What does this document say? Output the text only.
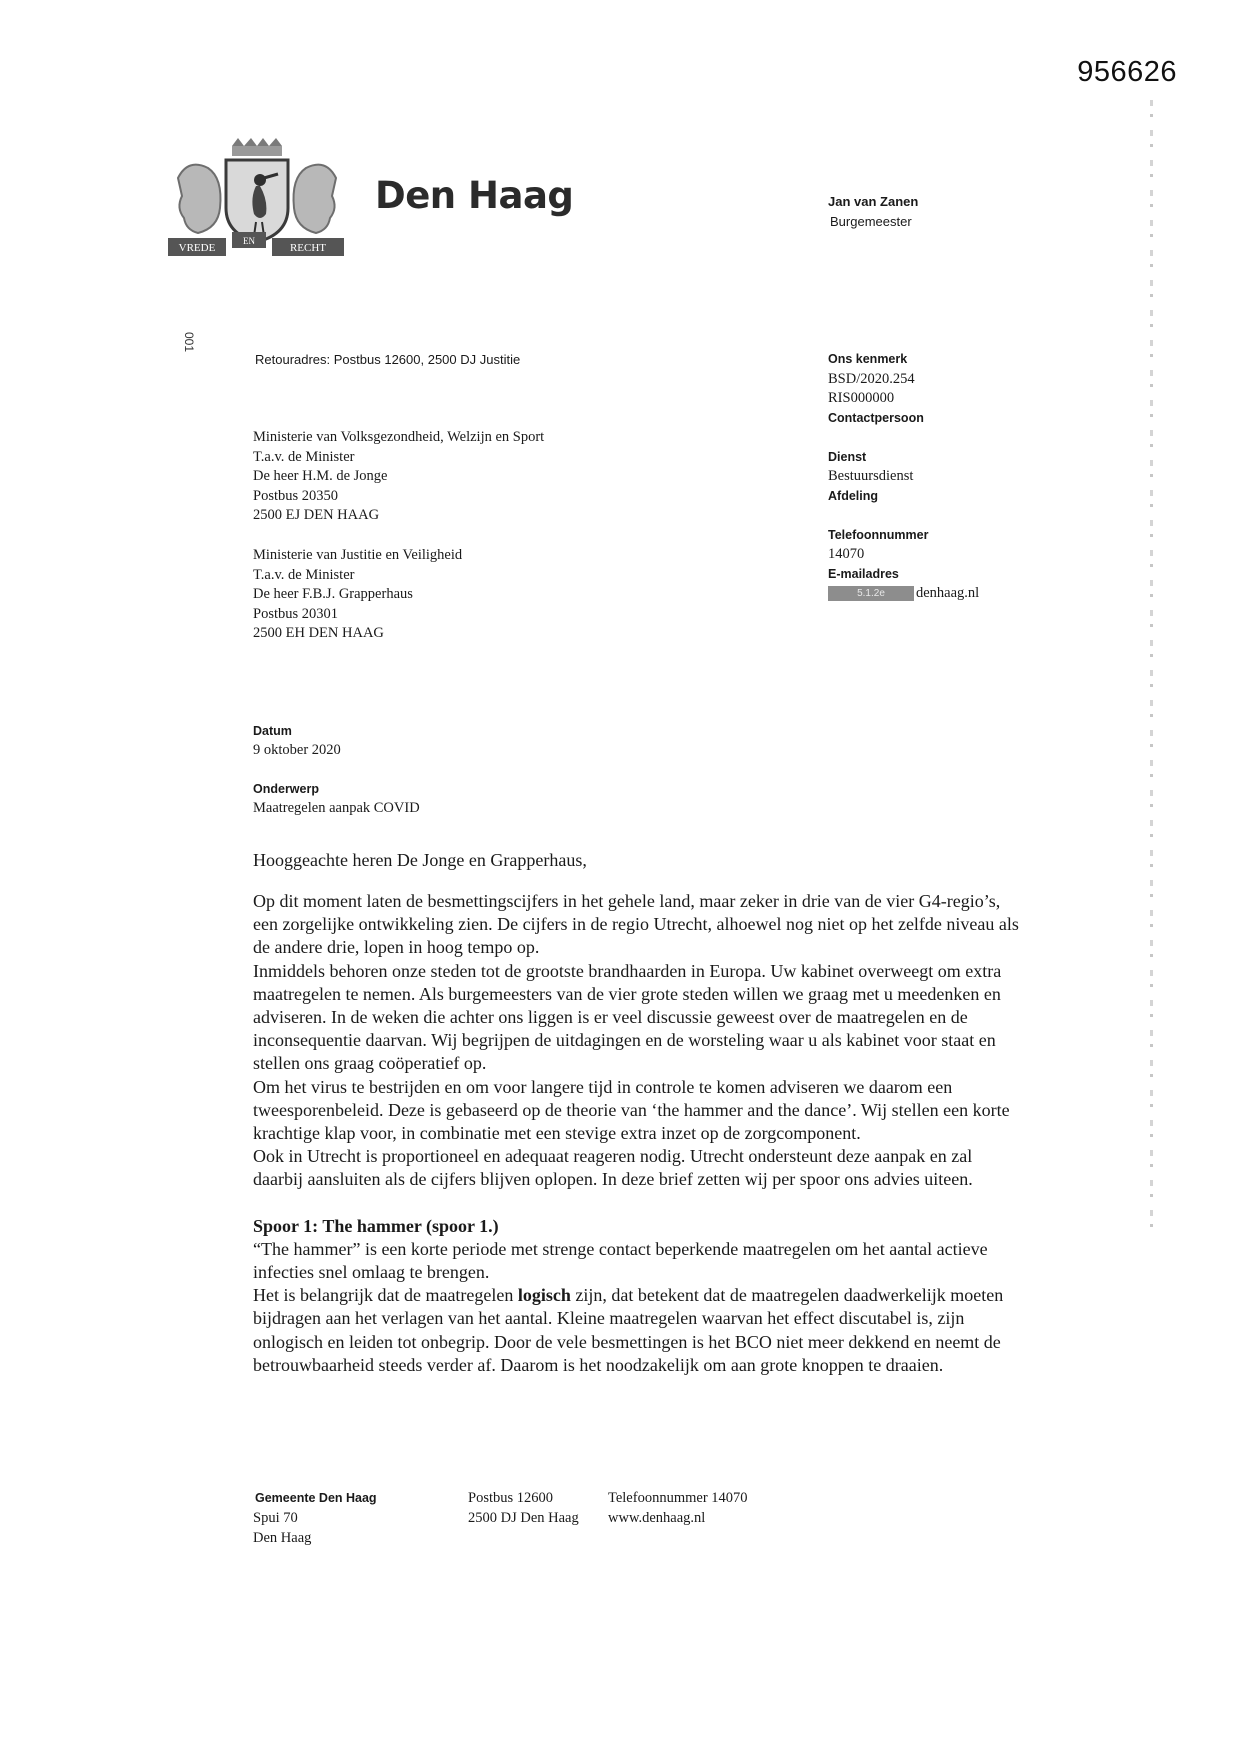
956626
VREDE
EN
RECHT
Den Haag	Jan van Zanen
Burgemeester
001
Retouradres: Postbus 12600, 2500 DJ Justitie	Ons kenmerk
BSD/2020.254
RIS000000
Contactpersoon
Dienst
Bestuursdienst
Afdeling
Telefoonnummer
14070
E-mailadres
5.1.2e denhaag.nl
Ministerie van Volksgezondheid, Welzijn en Sport
T.a.v. de Minister
De heer H.M. de Jonge
Postbus 20350
2500 EJ DEN HAAG
Ministerie van Justitie en Veiligheid
T.a.v. de Minister
De heer F.B.J. Grapperhaus
Postbus 20301
2500 EH DEN HAAG
Datum
9 oktober 2020
Onderwerp
Maatregelen aanpak COVID
Hooggeachte heren De Jonge en Grapperhaus,

Op dit moment laten de besmettingscijfers in het gehele land, maar zeker in drie van de vier G4-regio’s, een zorgelijke ontwikkeling zien. De cijfers in de regio Utrecht, alhoewel nog niet op het zelfde niveau als de andere drie, lopen in hoog tempo op.

Inmiddels behoren onze steden tot de grootste brandhaarden in Europa. Uw kabinet overweegt om extra maatregelen te nemen. Als burgemeesters van de vier grote steden willen we graag met u meedenken en adviseren. In de weken die achter ons liggen is er veel discussie geweest over de maatregelen en de inconsequentie daarvan. Wij begrijpen de uitdagingen en de worsteling waar u als kabinet voor staat en stellen ons graag coöperatief op.

Om het virus te bestrijden en om voor langere tijd in controle te komen adviseren we daarom een tweesporenbeleid. Deze is gebaseerd op de theorie van ‘the hammer and the dance’. Wij stellen een korte krachtige klap voor, in combinatie met een stevige extra inzet op de zorgcomponent.

Ook in Utrecht is proportioneel en adequaat reageren nodig. Utrecht ondersteunt deze aanpak en zal daarbij aansluiten als de cijfers blijven oplopen. In deze brief zetten wij per spoor ons advies uiteen.

Spoor 1: The hammer (spoor 1.)

“The hammer” is een korte periode met strenge contact beperkende maatregelen om het aantal actieve infecties snel omlaag te brengen.

Het is belangrijk dat de maatregelen logisch zijn, dat betekent dat de maatregelen daadwerkelijk moeten bijdragen aan het verlagen van het aantal. Kleine maatregelen waarvan het effect discutabel is, zijn onlogisch en leiden tot onbegrip. Door de vele besmettingen is het BCO niet meer dekkend en neemt de betrouwbaarheid steeds verder af. Daarom is het noodzakelijk om aan grote knoppen te draaien.

Gemeente Den Haag
Spui 70
Den Haag
Postbus 12600
2500 DJ Den Haag
Telefoonnummer 14070
www.denhaag.nl
